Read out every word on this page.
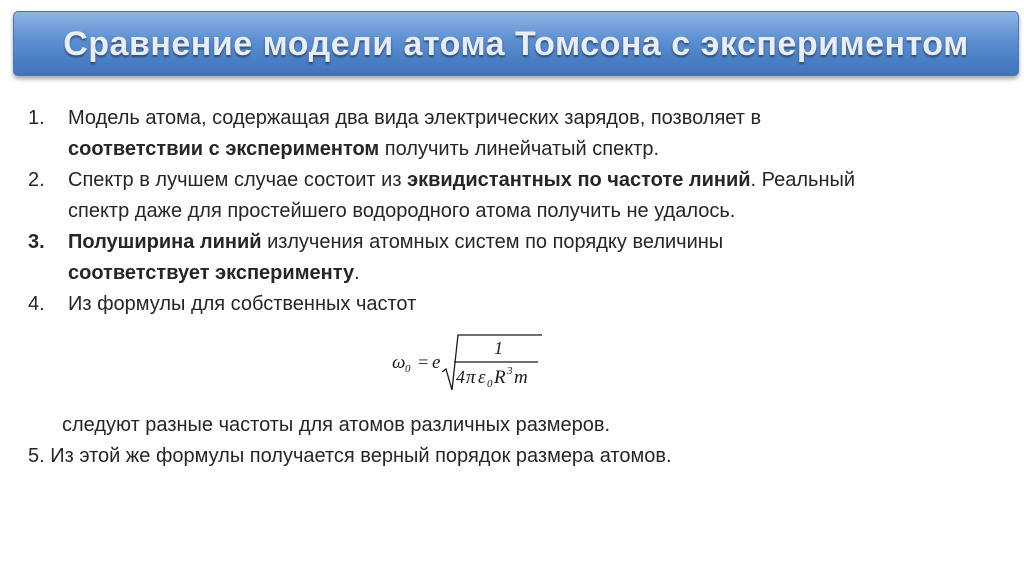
Сравнение модели атома Томсона с экспериментом
1.	Модель атома, содержащая два вида электрических зарядов, позволяет в
соответствии с экспериментом получить линейчатый спектр.
2.	Спектр в лучшем случае состоит из эквидистантных по частоте линий. Реальный
спектр даже для простейшего водородного атома получить не удалось.
3.	Полуширина линий излучения атомных систем по порядку величины
соответствует эксперименту.
4.	Из формулы для собственных частот
ω 0 = e
1
4 π ε 0 R 3 m
следуют разные частоты для атомов различных размеров.
5. Из этой же формулы получается верный порядок размера атомов.
